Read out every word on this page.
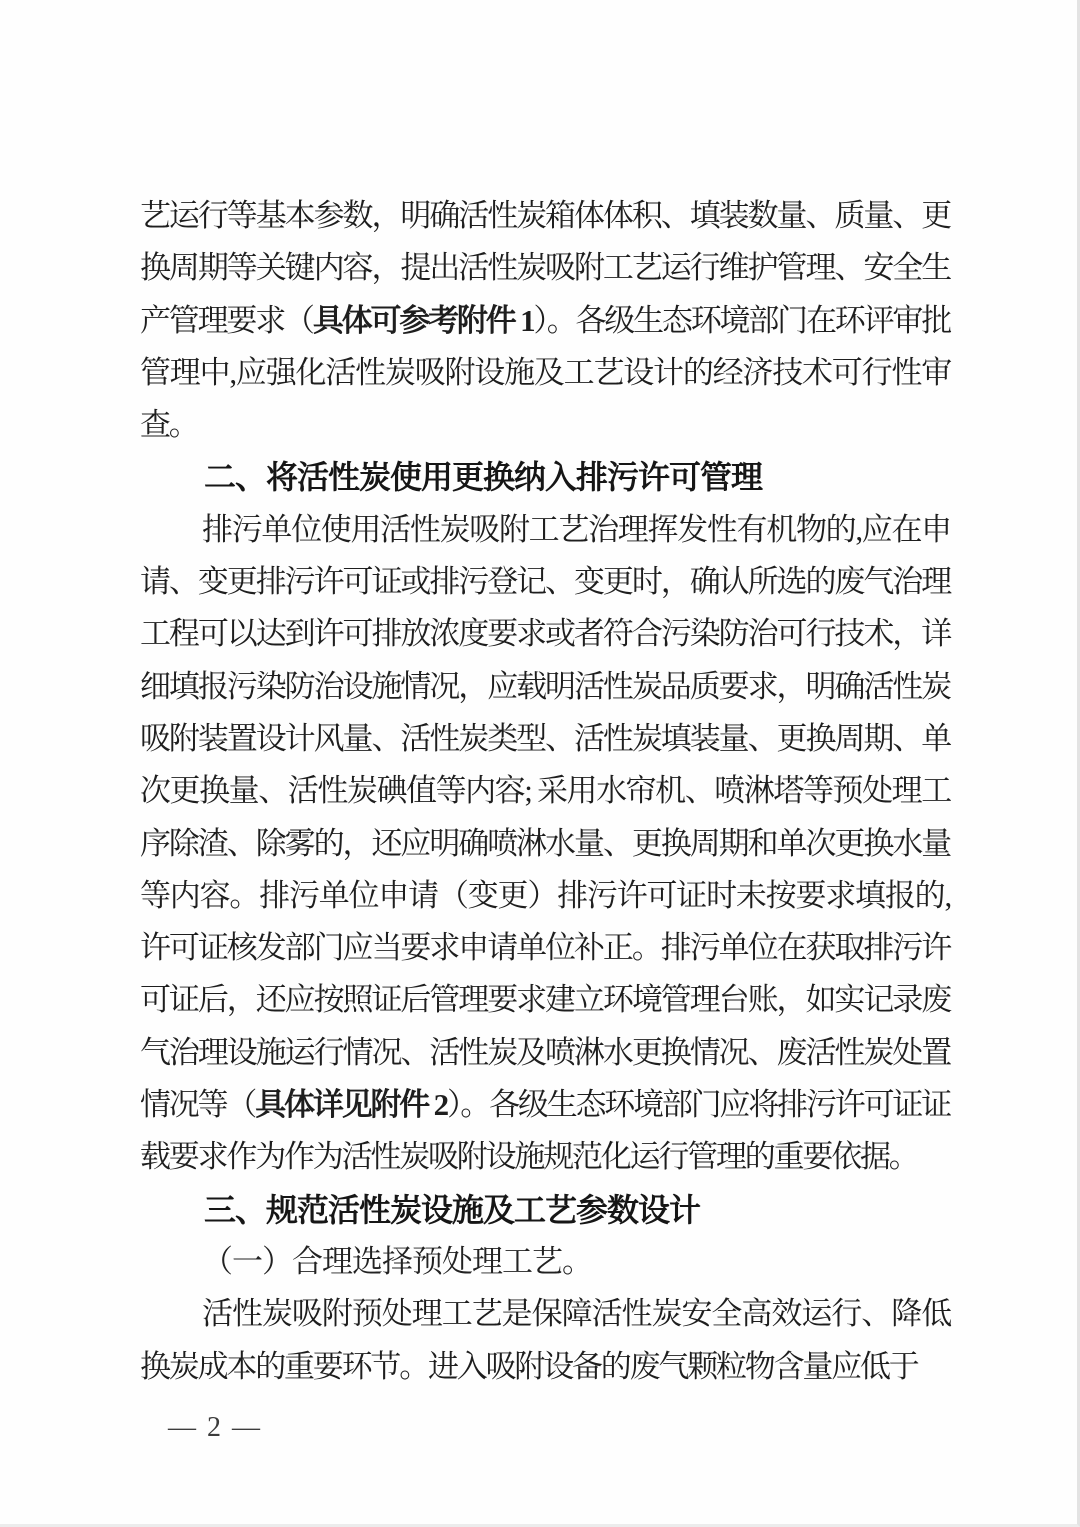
艺运行等基本参数，明确活性炭箱体体积、填装数量、质量、更换周期等关键内容，提出活性炭吸附工艺运行维护管理、安全生产管理要求（具体可参考附件 1）。各级生态环境部门在环评审批管理中,应强化活性炭吸附设施及工艺设计的经济技术可行性审查。

二、将活性炭使用更换纳入排污许可管理

排污单位使用活性炭吸附工艺治理挥发性有机物的,应在申请、变更排污许可证或排污登记、变更时，确认所选的废气治理工程可以达到许可排放浓度要求或者符合污染防治可行技术，详细填报污染防治设施情况，应载明活性炭品质要求，明确活性炭吸附装置设计风量、活性炭类型、活性炭填装量、更换周期、单次更换量、活性炭碘值等内容; 采用水帘机、喷淋塔等预处理工序除渣、除雾的，还应明确喷淋水量、更换周期和单次更换水量等内容。排污单位申请（变更）排污许可证时未按要求填报的,许可证核发部门应当要求申请单位补正。排污单位在获取排污许可证后，还应按照证后管理要求建立环境管理台账，如实记录废气治理设施运行情况、活性炭及喷淋水更换情况、废活性炭处置情况等（具体详见附件 2）。各级生态环境部门应将排污许可证证载要求作为作为活性炭吸附设施规范化运行管理的重要依据。

三、规范活性炭设施及工艺参数设计

（一）合理选择预处理工艺。

活性炭吸附预处理工艺是保障活性炭安全高效运行、降低换炭成本的重要环节。进入吸附设备的废气颗粒物含量应低于

— 2 —
